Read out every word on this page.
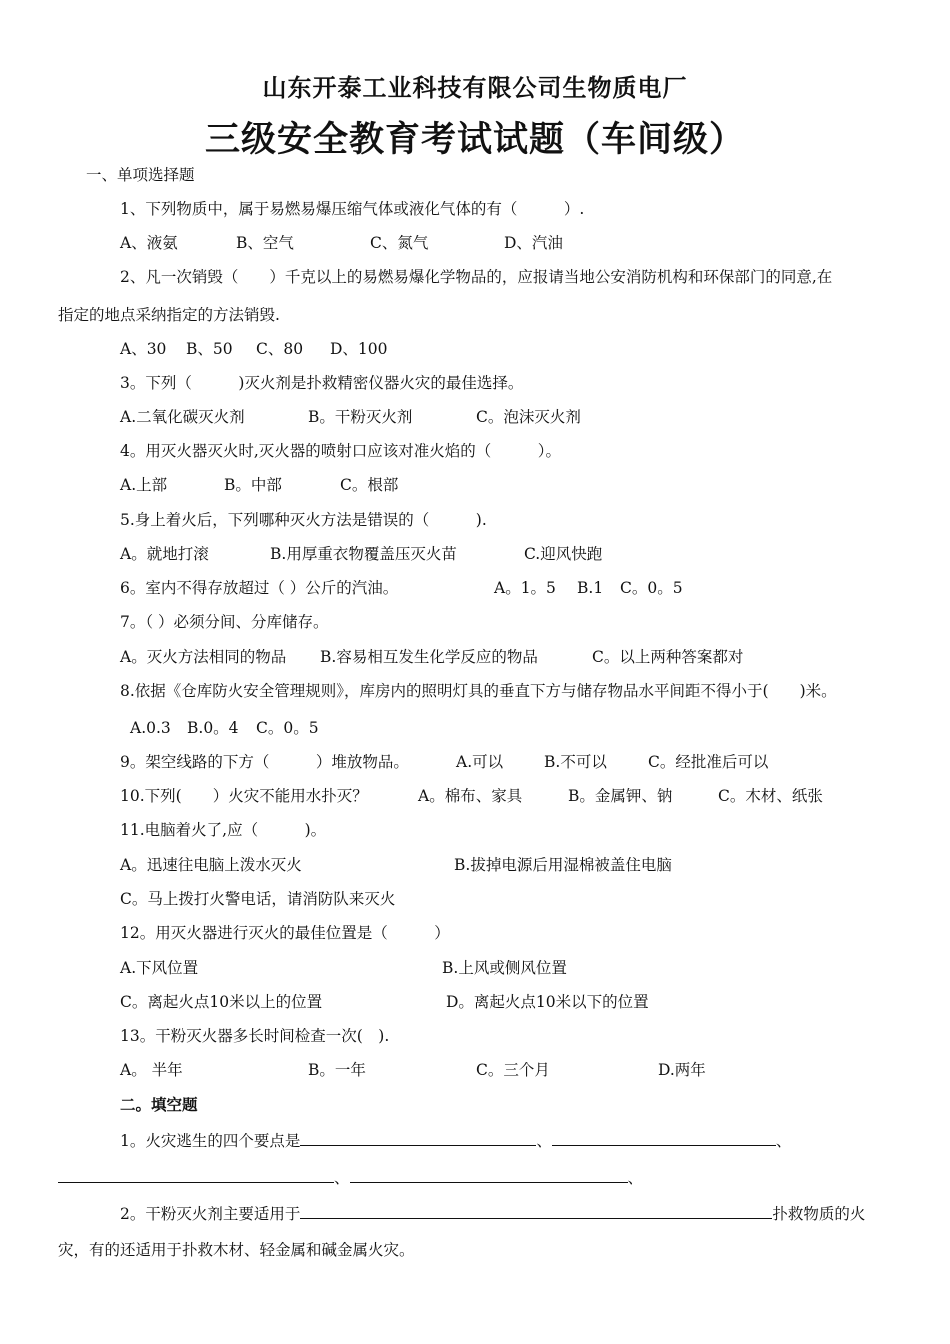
山东开泰工业科技有限公司生物质电厂
三级安全教育考试试题（车间级）
一、单项选择题
1、下列物质中，属于易燃易爆压缩气体或液化气体的有（　　　）.
A、液氨	B、空气	C、氮气	D、汽油
2、凡一次销毁（　　）千克以上的易燃易爆化学物品的，应报请当地公安消防机构和环保部门的同意,在
指定的地点采纳指定的方法销毁.
A、30 B、50 C、80 D、100
3。下列（　　　)灭火剂是扑救精密仪器火灾的最佳选择。
A.二氧化碳灭火剂	B。干粉灭火剂	C。泡沫灭火剂
4。用灭火器灭火时,灭火器的喷射口应该对准火焰的（　　　）。
A.上部	B。中部	C。根部
5.身上着火后，下列哪种灭火方法是错误的（　　　).
A。就地打滚	B.用厚重衣物覆盖压灭火苗	C.迎风快跑
6。室内不得存放超过（ ）公斤的汽油。	A。1。5 B.1 C。0。5
7。（ ）必须分间、分库储存。
A。灭火方法相同的物品 B.容易相互发生化学反应的物品	C。以上两种答案都对
8.依据《仓库防火安全管理规则》，库房内的照明灯具的垂直下方与储存物品水平间距不得小于(　　)米。
A.0.3 B.0。4 C。0。5
9。架空线路的下方（　　　）堆放物品。	A.可以	B.不可以	C。经批准后可以
10.下列(　　）火灾不能用水扑灭？	A。棉布、家具	B。金属钾、钠	C。木材、纸张
11.电脑着火了,应（　　　)。
A。迅速往电脑上泼水灭火	B.拔掉电源后用湿棉被盖住电脑
C。马上拨打火警电话，请消防队来灭火
12。用灭火器进行灭火的最佳位置是（　　　）
A.下风位置	B.上风或侧风位置
C。离起火点10米以上的位置	D。离起火点10米以下的位置
13。干粉灭火器多长时间检查一次(　).
A。 半年	B。一年	C。三个月	D.两年
二。填空题
1。火灾逃生的四个要点是	、	、
、	、
2。干粉灭火剂主要适用于	扑救物质的火
灾，有的还适用于扑救木材、轻金属和碱金属火灾。
